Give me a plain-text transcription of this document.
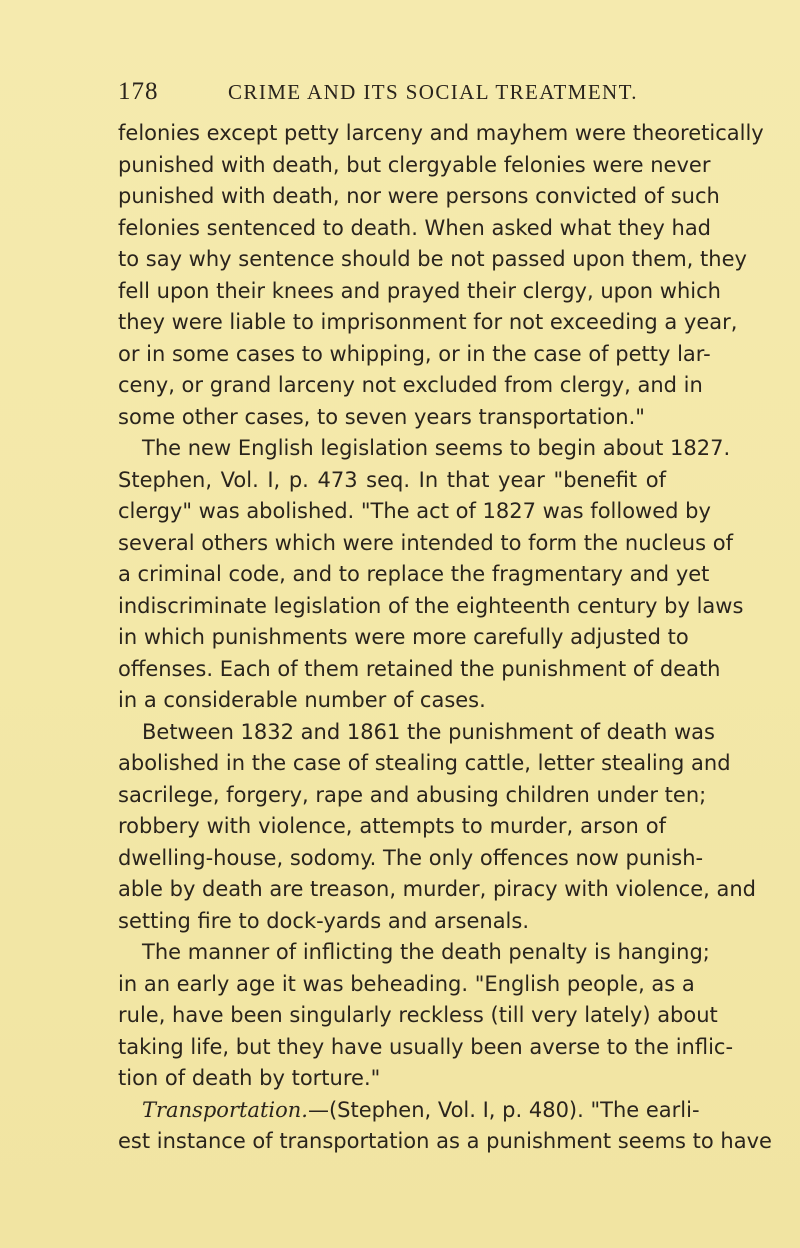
178	CRIME AND ITS SOCIAL TREATMENT.
felonies except petty larceny and mayhem were theoretically
punished with death, but clergyable felonies were never
punished with death, nor were persons convicted of such
felonies sentenced to death. When asked what they had
to say why sentence should be not passed upon them, they
fell upon their knees and prayed their clergy, upon which
they were liable to imprisonment for not exceeding a year,
or in some cases to whipping, or in the case of petty lar-
ceny, or grand larceny not excluded from clergy, and in
some other cases, to seven years transportation."
The new English legislation seems to begin about 1827.
Stephen, Vol. I, p. 473 seq. In that year "benefit of
clergy" was abolished. "The act of 1827 was followed by
several others which were intended to form the nucleus of
a criminal code, and to replace the fragmentary and yet
indiscriminate legislation of the eighteenth century by laws
in which punishments were more carefully adjusted to
offenses. Each of them retained the punishment of death
in a considerable number of cases.
Between 1832 and 1861 the punishment of death was
abolished in the case of stealing cattle, letter stealing and
sacrilege, forgery, rape and abusing children under ten;
robbery with violence, attempts to murder, arson of
dwelling-house, sodomy. The only offences now punish-
able by death are treason, murder, piracy with violence, and
setting fire to dock-yards and arsenals.
The manner of inflicting the death penalty is hanging;
in an early age it was beheading. "English people, as a
rule, have been singularly reckless (till very lately) about
taking life, but they have usually been averse to the inflic-
tion of death by torture."
Transportation.—(Stephen, Vol. I, p. 480). "The earli-
est instance of transportation as a punishment seems to have
